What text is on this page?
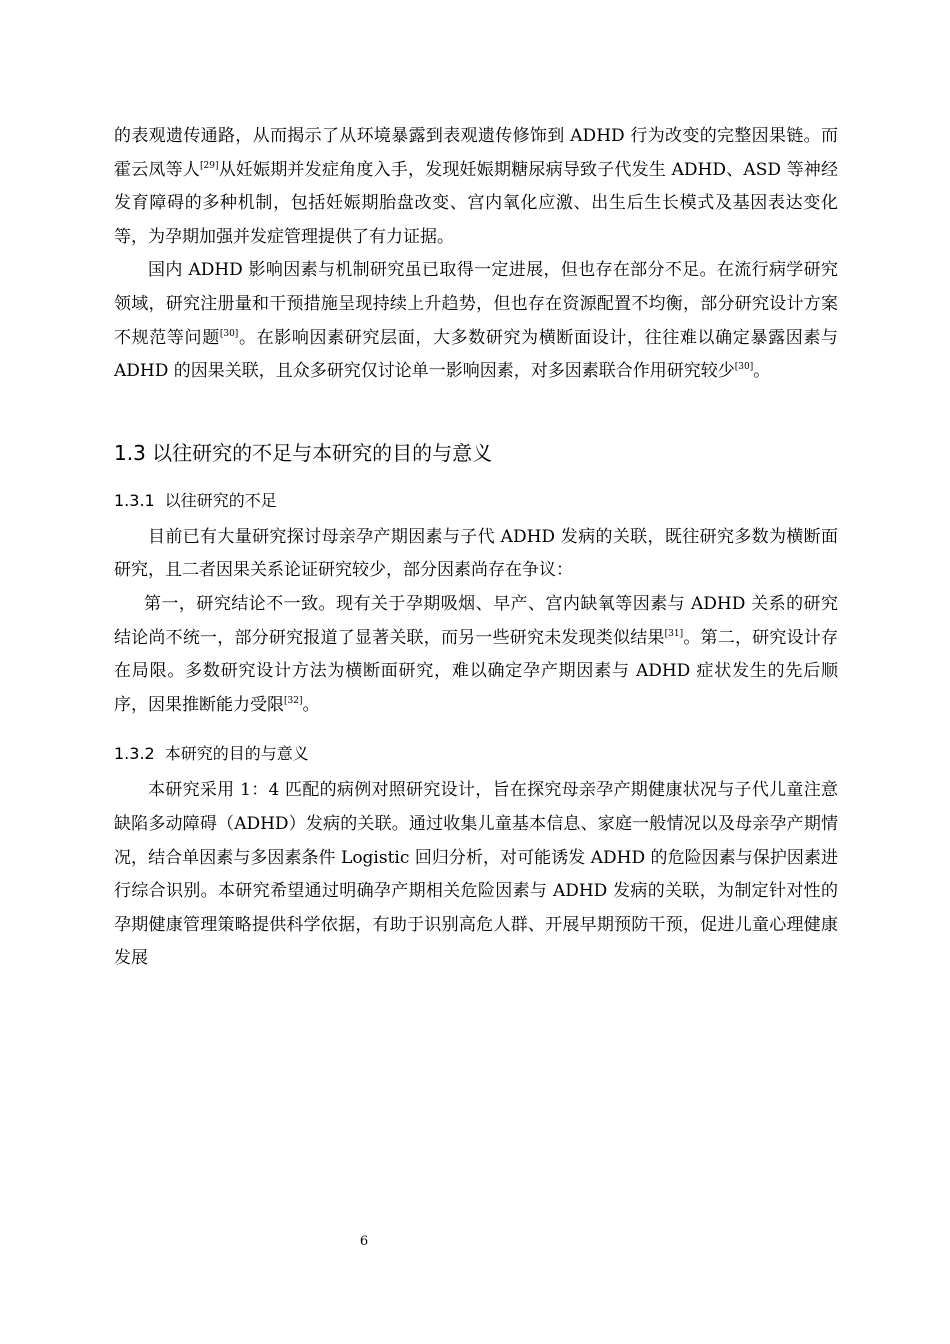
的表观遗传通路，从而揭示了从环境暴露到表观遗传修饰到 ADHD 行为改变的完整因果链。而霍云凤等人[29]从妊娠期并发症角度入手，发现妊娠期糖尿病导致子代发生 ADHD、ASD 等神经发育障碍的多种机制，包括妊娠期胎盘改变、宫内氧化应激、出生后生长模式及基因表达变化等，为孕期加强并发症管理提供了有力证据。

国内 ADHD 影响因素与机制研究虽已取得一定进展，但也存在部分不足。在流行病学研究领域，研究注册量和干预措施呈现持续上升趋势，但也存在资源配置不均衡，部分研究设计方案不规范等问题[30]。在影响因素研究层面，大多数研究为横断面设计，往往难以确定暴露因素与 ADHD 的因果关联，且众多研究仅讨论单一影响因素，对多因素联合作用研究较少[30]。

1.3 以往研究的不足与本研究的目的与意义
1.3.1 以往研究的不足

目前已有大量研究探讨母亲孕产期因素与子代 ADHD 发病的关联，既往研究多数为横断面研究，且二者因果关系论证研究较少，部分因素尚存在争议：

第一，研究结论不一致。现有关于孕期吸烟、早产、宫内缺氧等因素与 ADHD 关系的研究结论尚不统一，部分研究报道了显著关联，而另一些研究未发现类似结果[31]。第二，研究设计存在局限。多数研究设计方法为横断面研究，难以确定孕产期因素与 ADHD 症状发生的先后顺序，因果推断能力受限[32]。

1.3.2 本研究的目的与意义

本研究采用 1：4 匹配的病例对照研究设计，旨在探究母亲孕产期健康状况与子代儿童注意缺陷多动障碍（ADHD）发病的关联。通过收集儿童基本信息、家庭一般情况以及母亲孕产期情况，结合单因素与多因素条件 Logistic 回归分析，对可能诱发 ADHD 的危险因素与保护因素进行综合识别。本研究希望通过明确孕产期相关危险因素与 ADHD 发病的关联，为制定针对性的孕期健康管理策略提供科学依据，有助于识别高危人群、开展早期预防干预，促进儿童心理健康发展

6
